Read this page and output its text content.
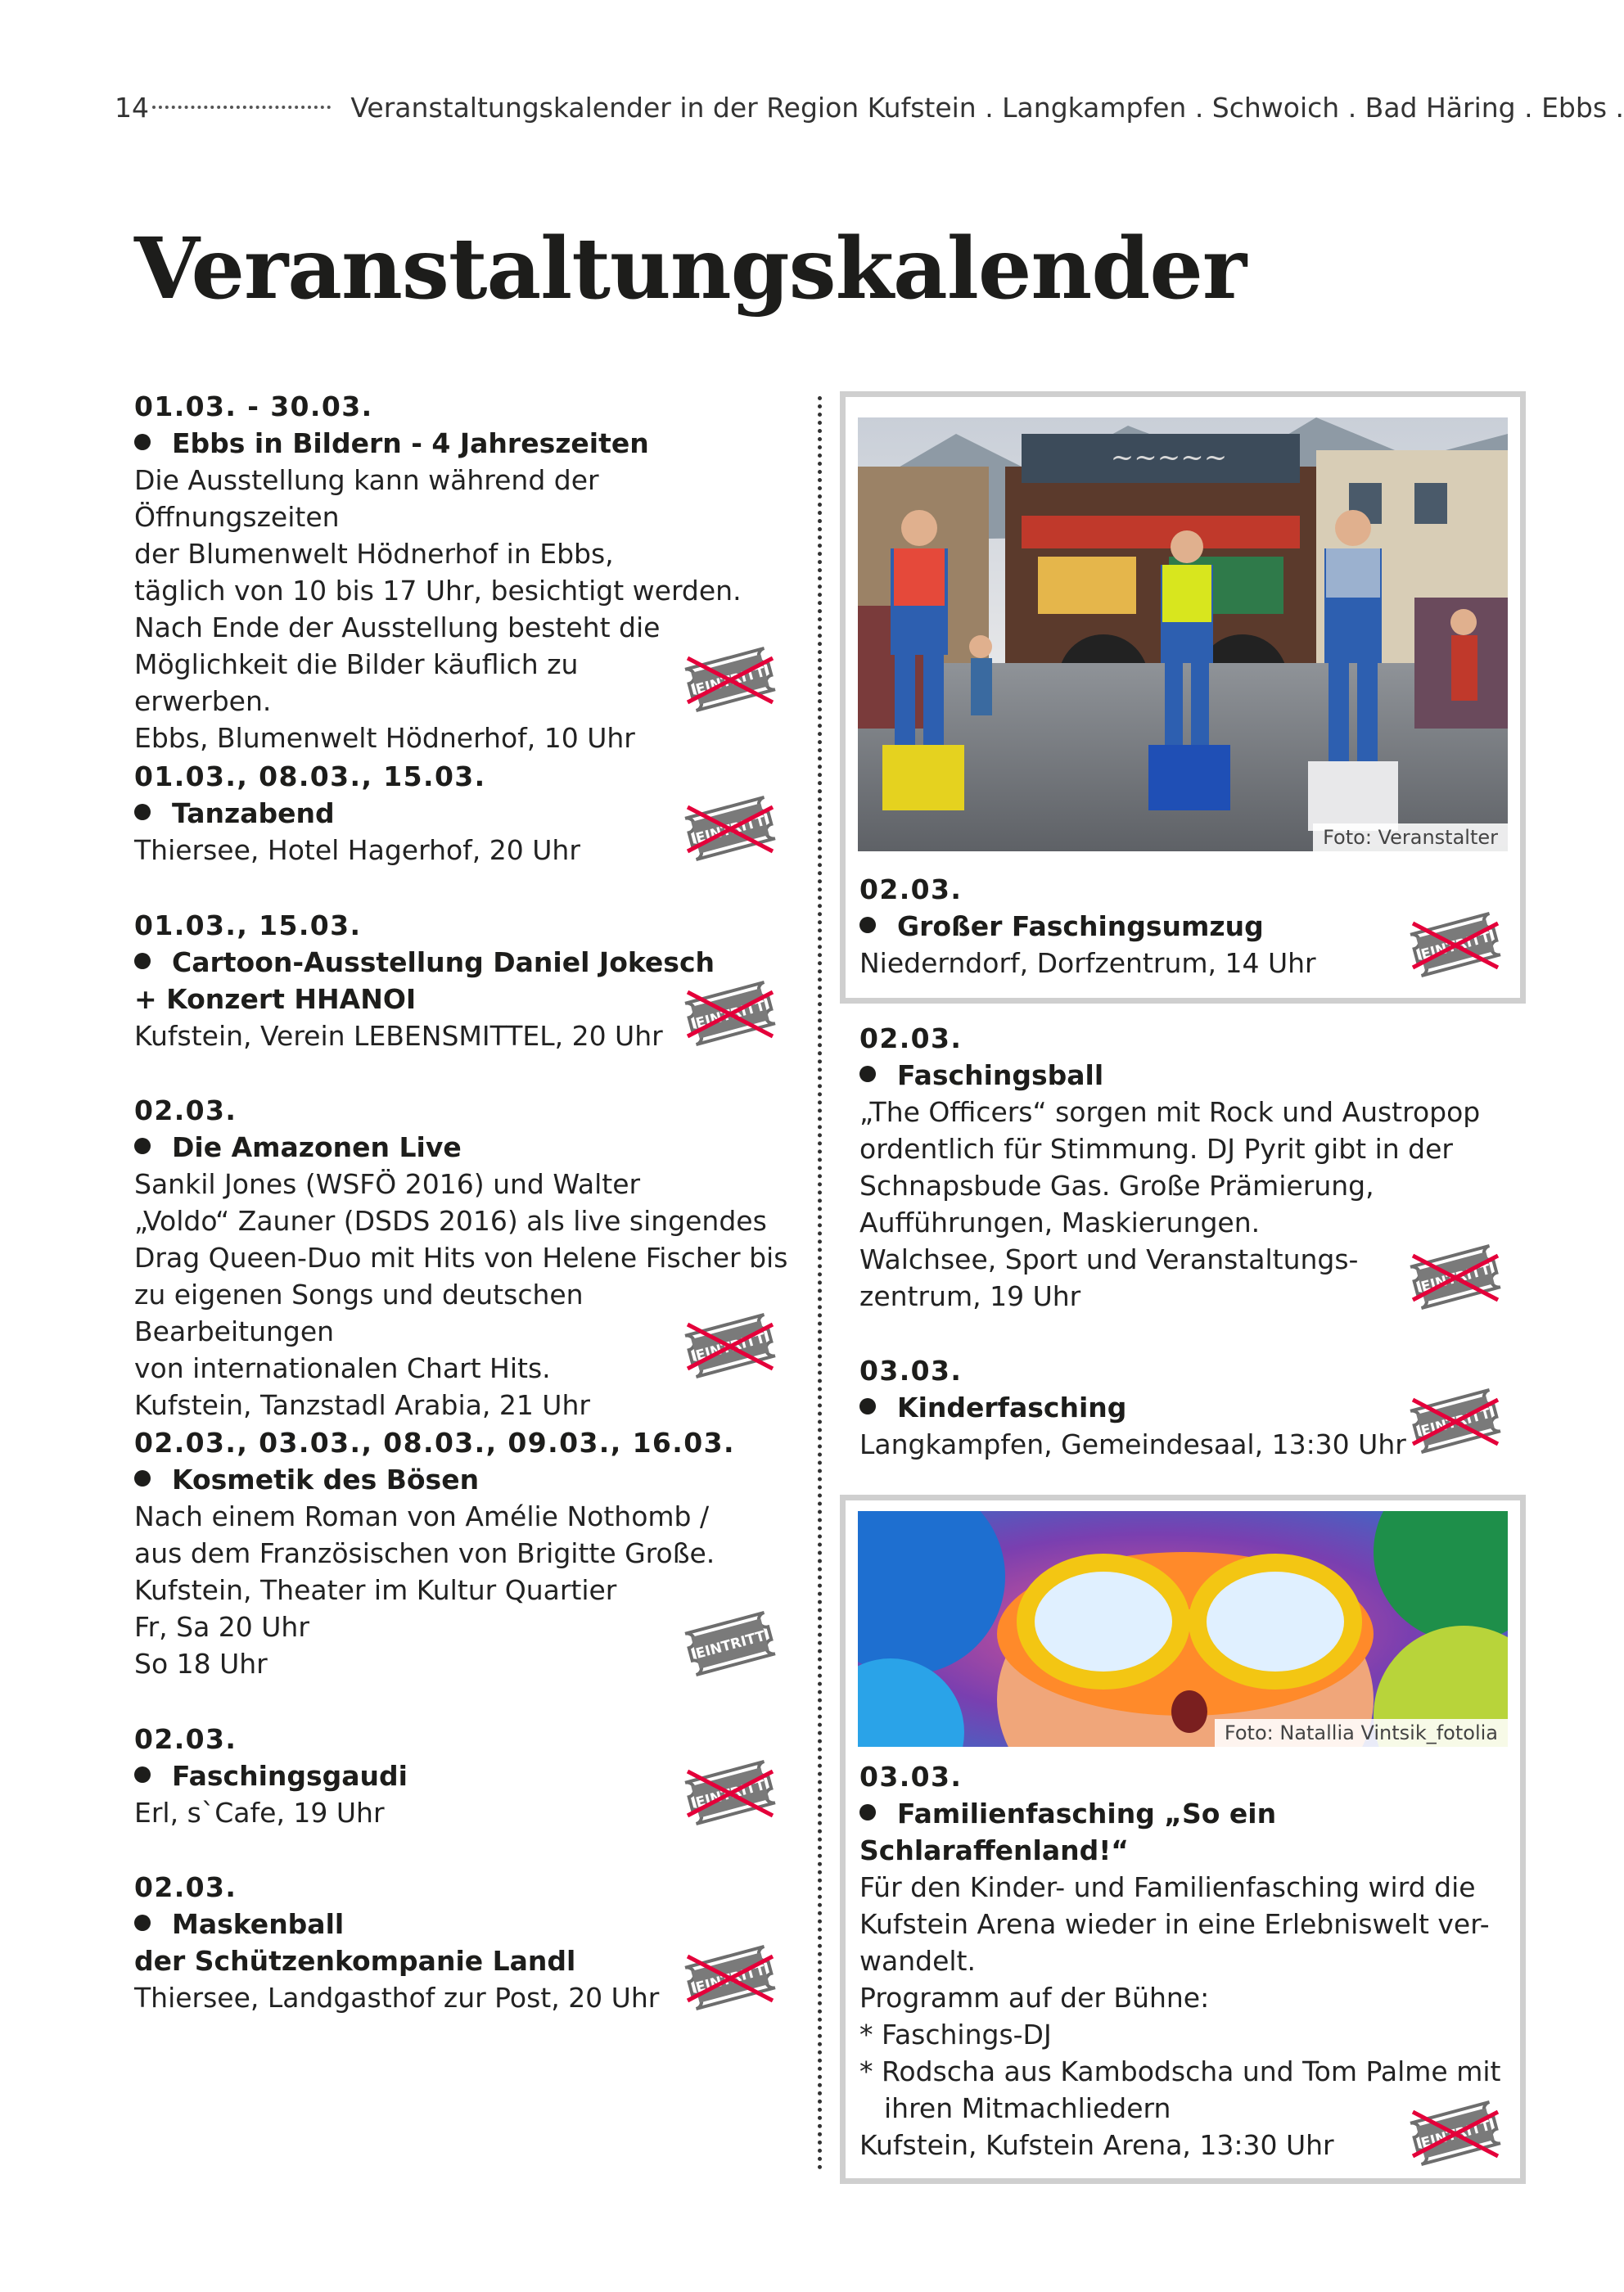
14	Veranstaltungskalender in der Region Kufstein . Langkampfen . Schwoich . Bad Häring . Ebbs .
Veranstaltungskalender
01.03. - 30.03.
Ebbs in Bildern - 4 Jahreszeiten
Die Ausstellung kann während der Öffnungszeiten
der Blumenwelt Hödnerhof in Ebbs,
täglich von 10 bis 17 Uhr, besichtigt werden.
Nach Ende der Ausstellung besteht die
Möglichkeit die Bilder käuflich zu
erwerben.
Ebbs, Blumenwelt Hödnerhof, 10 Uhr
01.03., 08.03., 15.03.
Tanzabend
Thiersee, Hotel Hagerhof, 20 Uhr
01.03., 15.03.
Cartoon-Ausstellung Daniel Jokesch
+ Konzert HHANOI
Kufstein, Verein LEBENSMITTEL, 20 Uhr
02.03.
Die Amazonen Live
Sankil Jones (WSFÖ 2016) und Walter
„Voldo“ Zauner (DSDS 2016) als live singendes
Drag Queen-Duo mit Hits von Helene Fischer bis
zu eigenen Songs und deutschen Bearbeitungen
von internationalen Chart Hits.
Kufstein, Tanzstadl Arabia, 21 Uhr
02.03., 03.03., 08.03., 09.03., 16.03.
Kosmetik des Bösen
Nach einem Roman von Amélie Nothomb /
aus dem Französischen von Brigitte Große.
Kufstein, Theater im Kultur Quartier
Fr, Sa 20 Uhr
So 18 Uhr
02.03.
Faschingsgaudi
Erl, s`Cafe, 19 Uhr
02.03.
Maskenball
der Schützenkompanie Landl
Thiersee, Landgasthof zur Post, 20 Uhr
~~~~~
Foto: Veranstalter
02.03.
Großer Faschingsumzug
Niederndorf, Dorfzentrum, 14 Uhr
02.03.
Faschingsball
„The Officers“ sorgen mit Rock und Austropop
ordentlich für Stimmung. DJ Pyrit gibt in der
Schnapsbude Gas. Große Prämierung,
Aufführungen, Maskierungen.
Walchsee, Sport und Veranstaltungs-
zentrum, 19 Uhr
03.03.
Kinderfasching
Langkampfen, Gemeindesaal, 13:30 Uhr
Foto: Natallia Vintsik_fotolia
03.03.
Familienfasching „So ein
Schlaraffenland!“
Für den Kinder- und Familienfasching wird die
Kufstein Arena wieder in eine Erlebniswelt ver-
wandelt.
Programm auf der Bühne:
* Faschings-DJ
* Rodscha aus Kambodscha und Tom Palme mit
ihren Mitmachliedern
Kufstein, Kufstein Arena, 13:30 Uhr
